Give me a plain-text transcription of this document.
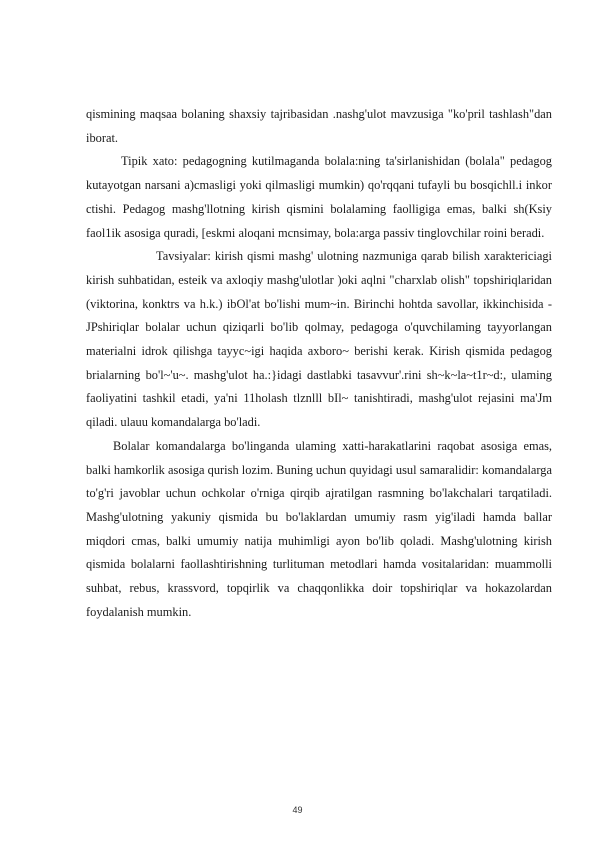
qismining maqsaa bolaning shaxsiy tajribasidan .nashg'ulot mavzusiga "ko'pril tashlash"dan iborat.

Tipik xato: pedagogning kutilmaganda bolala:ning ta'sirlanishidan (bolala" pedagog kutayotgan narsani a)cmasligi yoki qilmasligi mumkin) qo'rqqani tufayli bu bosqichll.i inkor ctishi. Pedagog mashg'llotning kirish qismini bolalaming faolligiga emas, balki sh(Ksiy faol1ik asosiga quradi, [eskmi aloqani mcnsimay, bola:arga passiv tinglovchilar roini beradi.

Tavsiyalar: kirish qismi mashg' ulotning nazmuniga qarab bilish xaraktericiagi kirish suhbatidan, esteik va axloqiy mashg'ulotlar )oki aqlni "charxlab olish" topshiriqlaridan (viktorina, konktrs va h.k.) ibOl'at bo'lishi mum~in. Birinchi hohtda savollar, ikkinchisida - JPshiriqlar bolalar uchun qiziqarli bo'lib qolmay, pedagoga o'quvchilaming tayyorlangan materialni idrok qilishga tayyc~igi haqida axboro~ berishi kerak. Kirish qismida pedagog brialarning bo'l~'u~. mashg'ulot ha.:}idagi dastlabki tasavvur'.rini sh~k~la~t1r~d:, ulaming faoliyatini tashkil etadi, ya'ni 11holash tlznlll bIl~ tanishtiradi, mashg'ulot rejasini ma'Jm qiladi. ulauu komandalarga bo'ladi.

Bolalar komandalarga bo'linganda ulaming xatti-harakatlarini raqobat asosiga emas, balki hamkorlik asosiga qurish lozim. Buning uchun quyidagi usul samaralidir: komandalarga to'g'ri javoblar uchun ochkolar o'rniga qirqib ajratilgan rasmning bo'lakchalari tarqatiladi. Mashg'ulotning yakuniy qismida bu bo'laklardan umumiy rasm yig'iladi hamda ballar miqdori cmas, balki umumiy natija muhimligi ayon bo'lib qoladi. Mashg'ulotning kirish qismida bolalarni faollashtirishning turlituman metodlari hamda vositalaridan: muammolli suhbat, rebus, krassvord, topqirlik va chaqqonlikka doir topshiriqlar va hokazolardan foydalanish mumkin.

49
